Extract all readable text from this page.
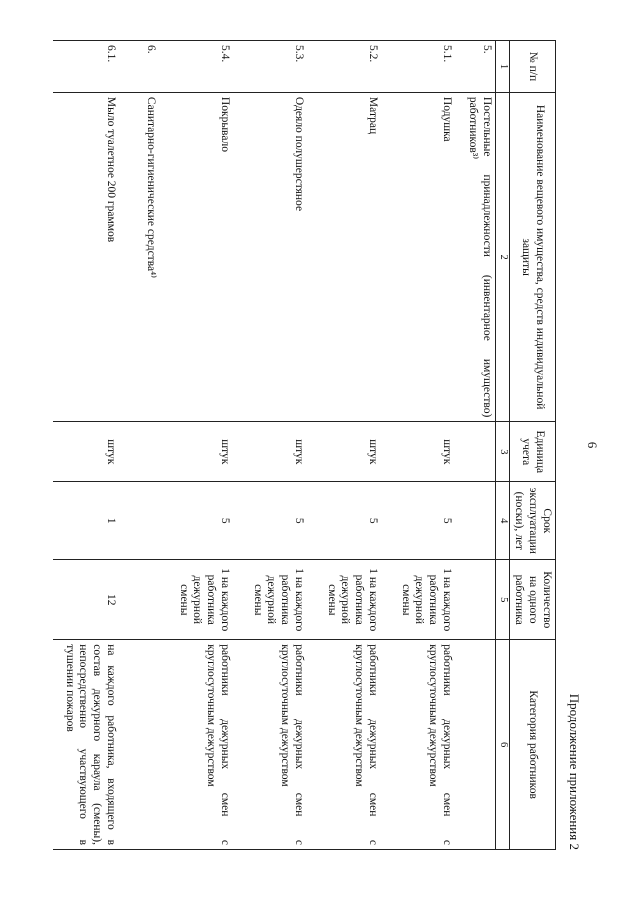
6
Продолжение приложения 2
№ п/п	Наименование вещевого имущества, средств индивидуальной защиты	Единица учета	Срок эксплуатации (носки), лет	Количество на одного работника	Категория работников
1	2	3	4	5	6
5.	Постельные принадлежности (инвентарное имущество) работников³⁾				
5.1.	Подушка	штук	5	1 на каждого работника дежурной смены	работники дежурных смен с круглосуточным дежурством
5.2.	Матрац	штук	5	1 на каждого работника дежурной смены	работники дежурных смен с круглосуточным дежурством
5.3.	Одеяло полушерстяное	штук	5	1 на каждого работника дежурной смены	работники дежурных смен с круглосуточным дежурством
5.4.	Покрывало	штук	5	1 на каждого работника дежурной смены	работники дежурных смен с круглосуточным дежурством
6.	Санитарно-гигиенические средства⁴⁾				
6.1.	Мыло туалетное 200 граммов	штук	1	12	на каждого работника, входящего в состав дежурного караула (смены), непосредственно участвующего в тушении пожаров
